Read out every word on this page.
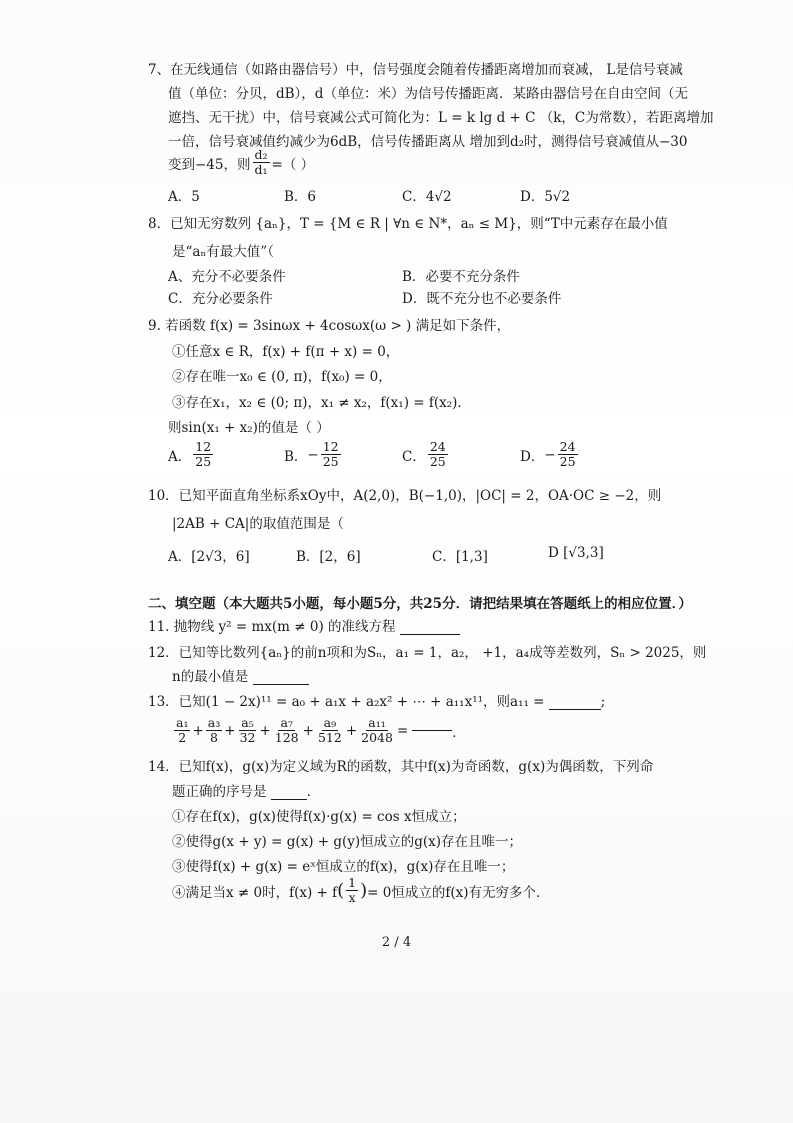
7、在无线通信（如路由器信号）中，信号强度会随着传播距离增加而衰减， L是信号衰减
值（单位：分贝，dB），d（单位：米）为信号传播距离．某路由器信号在自由空间（无
遮挡、无干扰）中，信号衰减公式可简化为：L = k lg d + C （k，C为常数），若距离增加
一倍，信号衰减值约减少为6dB，信号传播距离从 增加到d₂时，测得信号衰减值从−30
变到−45，则 $\frac{\text{d₂}}{\text{d₁}}$ =（ ）
A．5	B．6	C．4√2	D．5√2
8．已知无穷数列 {aₙ}，T = {M ∈ R | ∀n ∈ N*，aₙ ≤ M}，则“T中元素存在最小值
是“aₙ有最大值”（
A、充分不必要条件	B．必要不充分条件
C．充分必要条件	D．既不充分也不必要条件
9. 若函数 f(x) = 3sinωx + 4cosωx(ω > ) 满足如下条件，
①任意x ∈ R，f(x) + f(π + x) = 0，
②存在唯一x₀ ∈ (0, π)，f(x₀) = 0，
③存在x₁，x₂ ∈ (0; π)，x₁ ≠ x₂，f(x₁) = f(x₂)．
则sin(x₁ + x₂)的值是（ ）
A． $\frac{12}{25}$	B． − $\frac{12}{25}$	C． $\frac{24}{25}$	D． − $\frac{24}{25}$
10．已知平面直角坐标系xOy中，A(2,0)，B(−1,0)，|OC| = 2，OA·OC ≥ −2，则
|2AB + CA|的取值范围是（
A．[2√3，6]	B．[2，6]	C．[1,3]	D [√3,3]
二、填空题（本大题共5小题，每小题5分，共25分．请把结果填在答题纸上的相应位置．）
11. 抛物线 y² = mx(m ≠ 0) 的准线方程
12．已知等比数列{aₙ}的前n项和为Sₙ，a₁ = 1，a₂， +1，a₄成等差数列，Sₙ > 2025，则
n的最小值是
13．已知(1 − 2x)¹¹ = a₀ + a₁x + a₂x² + ⋯ + a₁₁x¹¹，则a₁₁ =	;
$\frac{\text{a₁}}{2} + \frac{\text{a₃}}{8} + \frac{\text{a₅}}{32} + \frac{\text{a₇}}{128} + \frac{\text{a₉}}{512} + \frac{\text{a₁₁}}{2048}$ =	．
14．已知f(x)，g(x)为定义域为R的函数，其中f(x)为奇函数，g(x)为偶函数，下列命
题正确的序号是	．
①存在f(x)，g(x)使得f(x)·g(x) = cos x恒成立；
②使得g(x + y) = g(x) + g(y)恒成立的g(x)存在且唯一；
③使得f(x) + g(x) = eˣ恒成立的f(x)，g(x)存在且唯一；
④满足当x ≠ 0时，f(x) + f ( $\frac{1}{x}$ ) = 0恒成立的f(x)有无穷多个．
2 / 4
